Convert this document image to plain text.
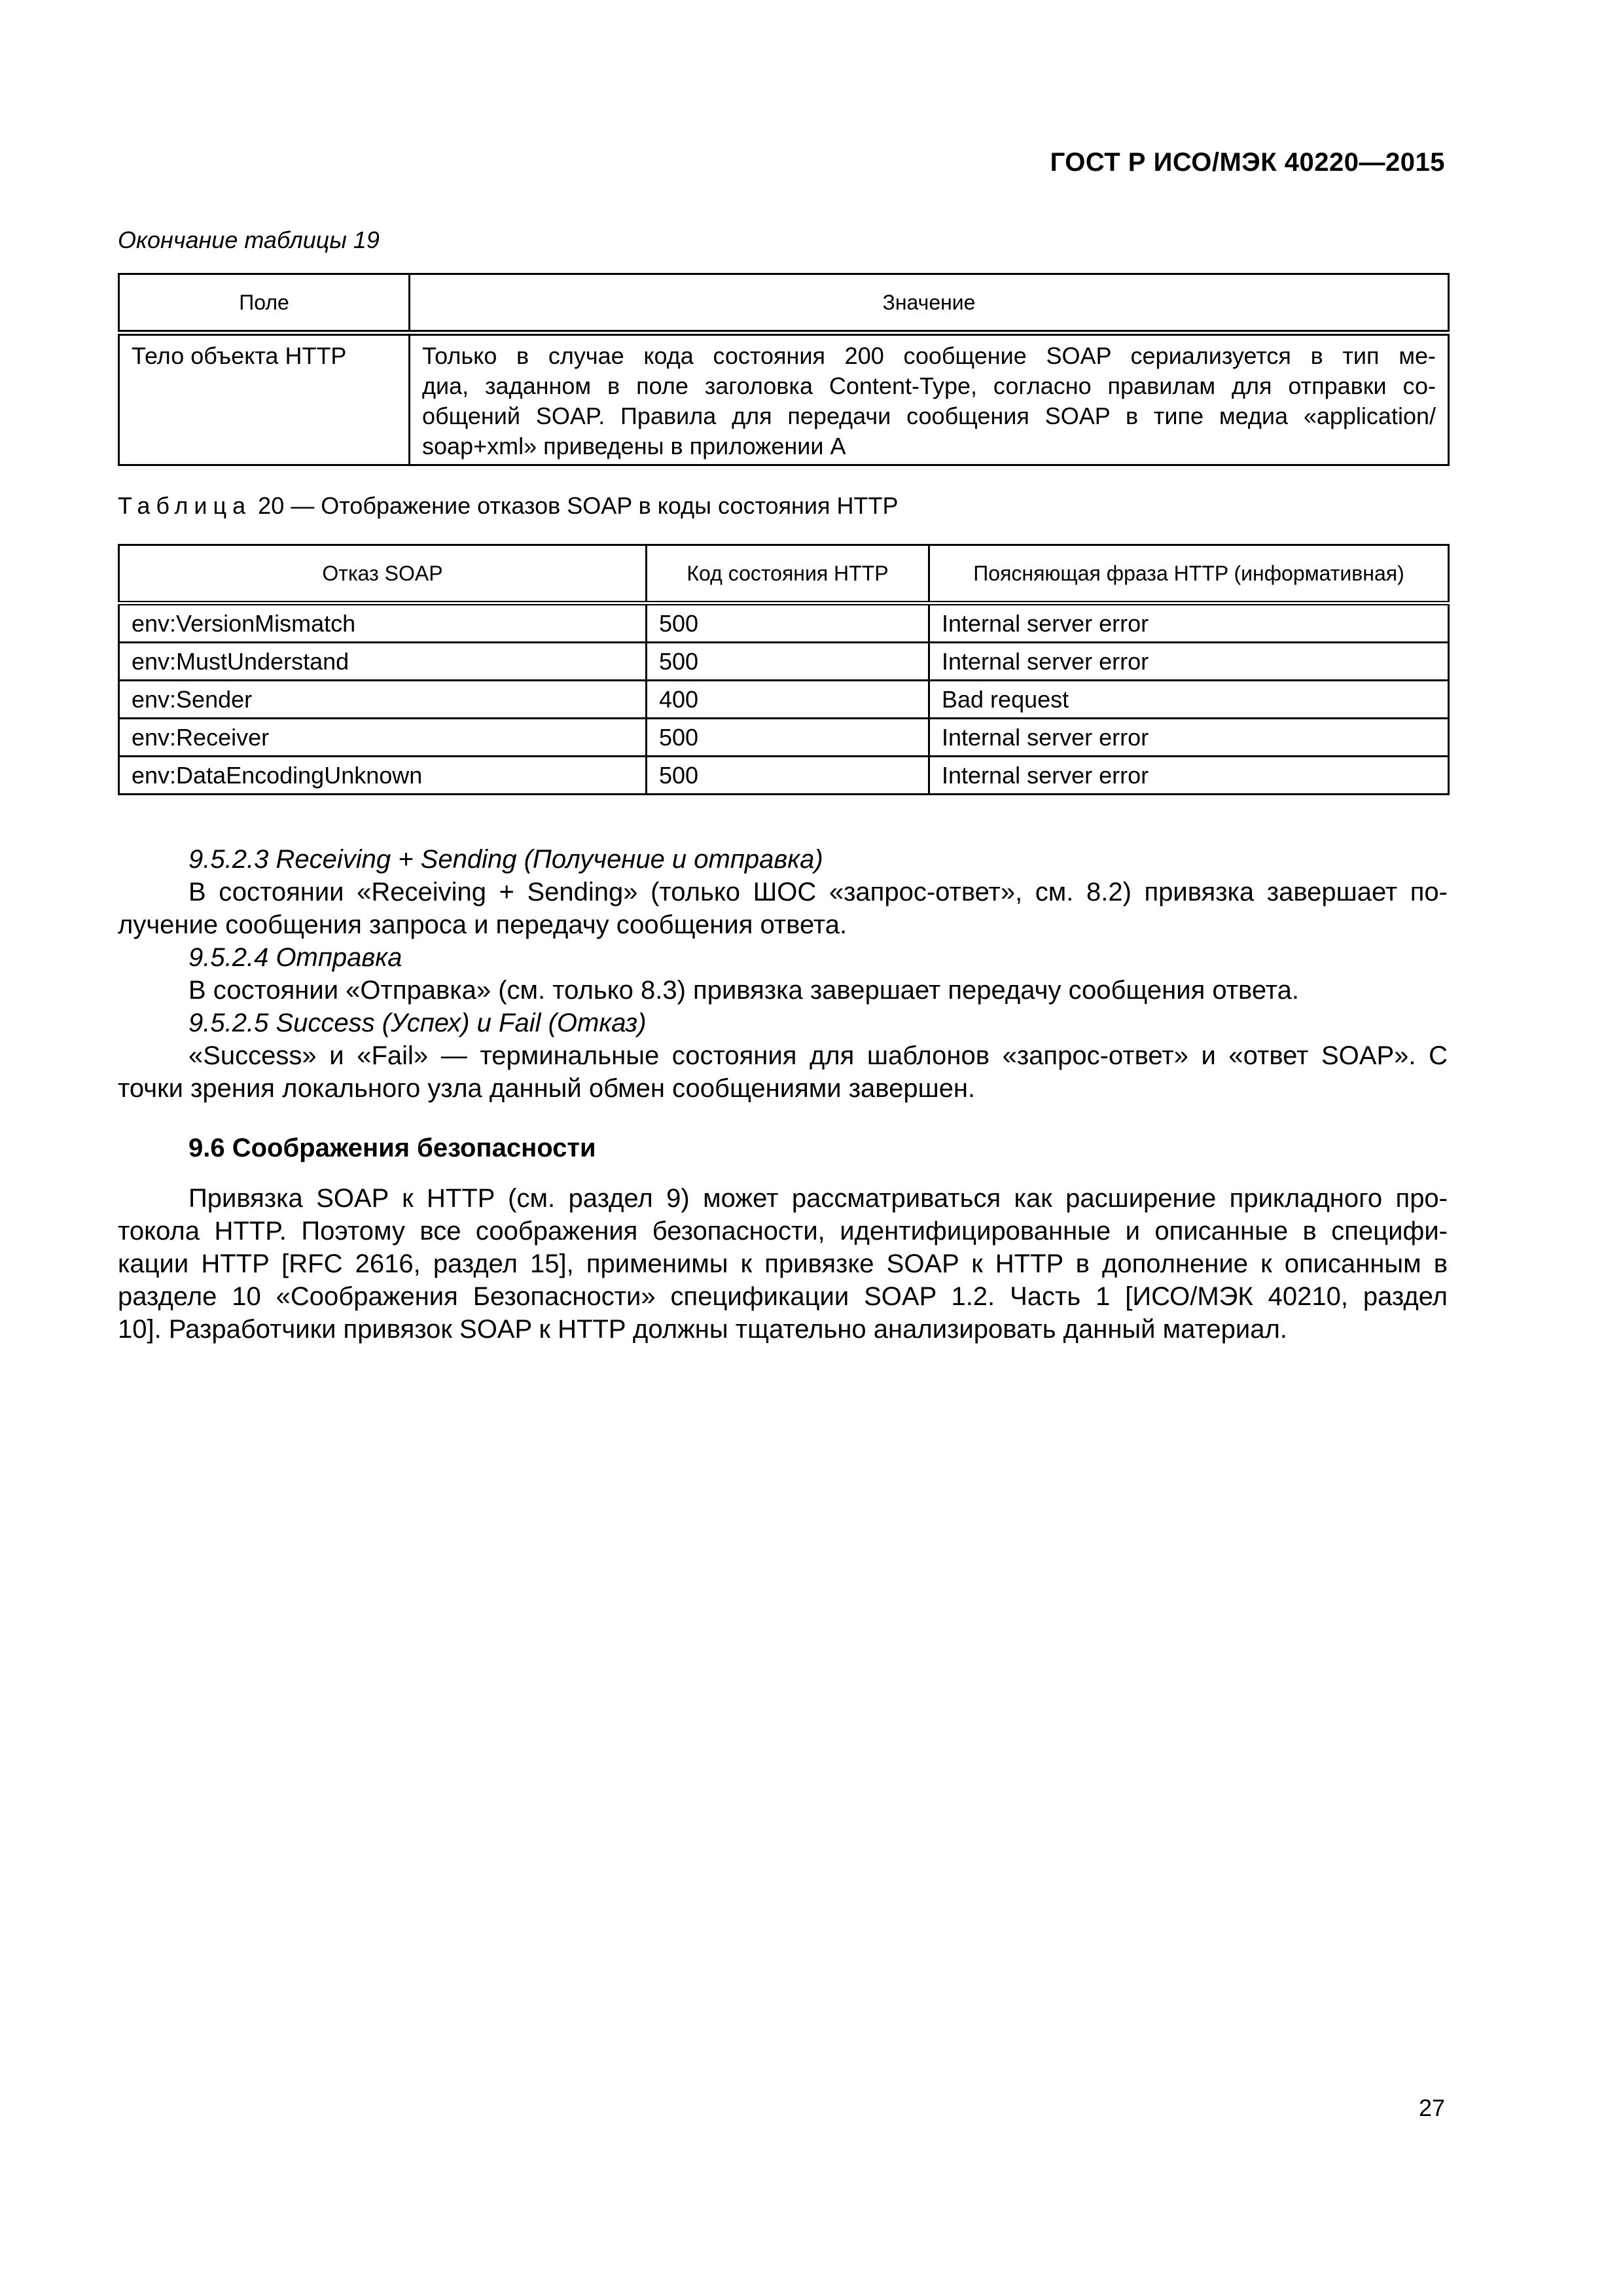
ГОСТ Р ИСО/МЭК 40220—2015
Окончание таблицы 19
Поле	Значение
Тело объекта HTTP	Только в случае кода состояния 200 сообщение SOAP сериализуется в тип ме-
диа, заданном в поле заголовка Content-Type, согласно правилам для отправки со-
общений SOAP. Правила для передачи сообщения SOAP в типе медиа «application/
soap+xml» приведены в приложении А
Таблица 20 — Отображение отказов SOAP в коды состояния HTTP
Отказ SOAP	Код состояния HTTP	Поясняющая фраза HTTP (информативная)
env:VersionMismatch	500	Internal server error
env:MustUnderstand	500	Internal server error
env:Sender	400	Bad request
env:Receiver	500	Internal server error
env:DataEncodingUnknown	500	Internal server error

9.5.2.3 Receiving + Sending (Получение и отправка)

В состоянии «Receiving + Sending» (только ШОС «запрос-ответ», см. 8.2) привязка завершает по-

лучение сообщения запроса и передачу сообщения ответа.

9.5.2.4 Отправка

В состоянии «Отправка» (см. только 8.3) привязка завершает передачу сообщения ответа.

9.5.2.5 Success (Успех) и Fail (Отказ)

«Success» и «Fail» — терминальные состояния для шаблонов «запрос-ответ» и «ответ SOAP». С

точки зрения локального узла данный обмен сообщениями завершен.

9.6 Соображения безопасности

Привязка SOAP к HTTP (см. раздел 9) может рассматриваться как расширение прикладного про-

токола HTTP. Поэтому все соображения безопасности, идентифицированные и описанные в специфи-

кации HTTP [RFC 2616, раздел 15], применимы к привязке SOAP к HTTP в дополнение к описанным в

разделе 10 «Соображения Безопасности» спецификации SOAP 1.2. Часть 1 [ИСО/МЭК 40210, раздел

10]. Разработчики привязок SOAP к HTTP должны тщательно анализировать данный материал.

27
